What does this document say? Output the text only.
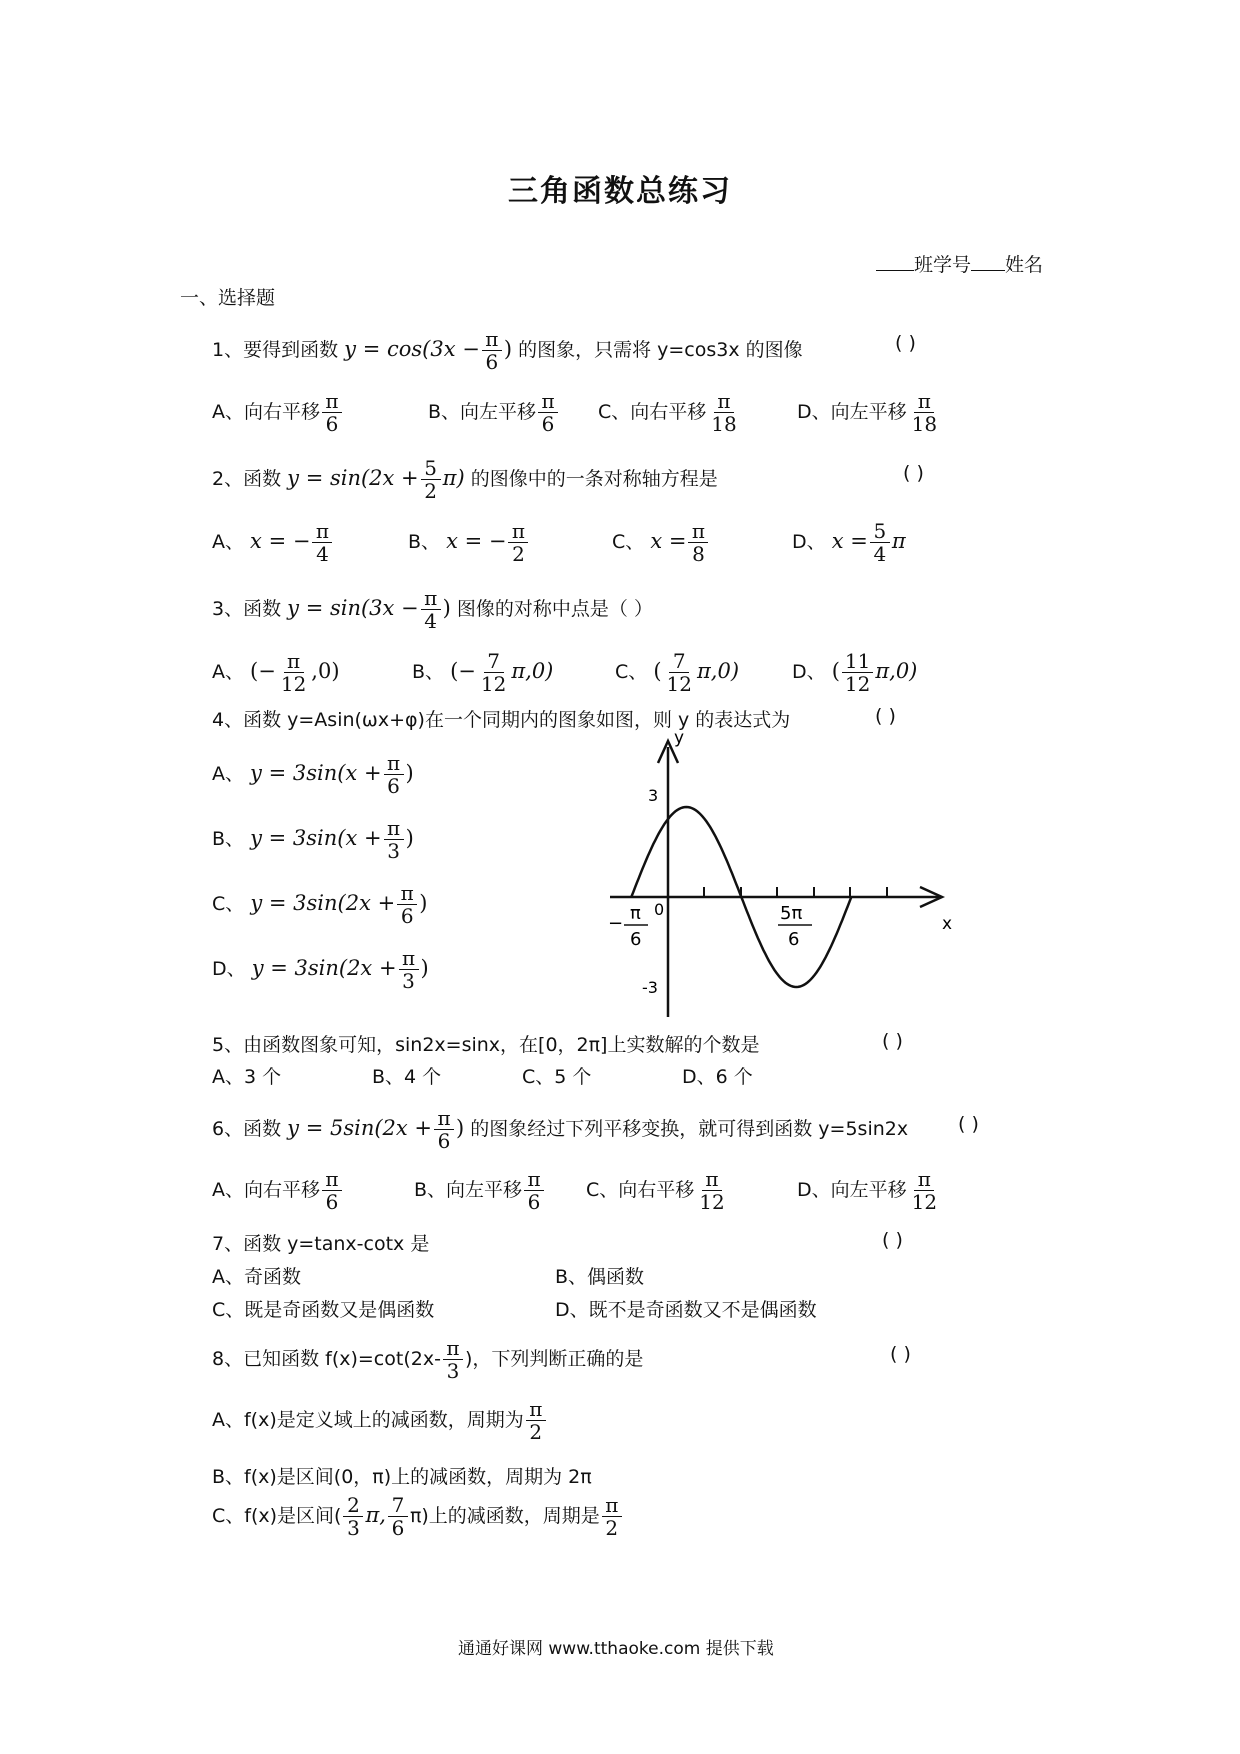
三角函数总练习
班学号 姓名
一、选择题
1、要得到函数 $y = \cos(3x - \frac{\pi}{6}$ ) 的图象，只需将 y=cos3x 的图像	( )
A、向右平移 $\frac{\pi}{6}$	B、向左平移 $\frac{\pi}{6}$ C、向右平移 $\frac{\pi}{18}$	D、向左平移 $\frac{\pi}{18}$
2、函数 $y = \sin(2x + \frac{5}{2} \pi)$ 的图像中的一条对称轴方程是	( )
A、 x = − $\frac{\pi}{4}$	B、 x = − $\frac{\pi}{2}$	C、 $x = \frac{\pi}{8}$	D、 $x = \frac{5}{4}$ π
3、函数 $y = \sin(3x - \frac{\pi}{4}$ ) 图像的对称中点是（ ）
A、 (− $\frac{\pi}{12} ,0$)	B、 (− $\frac{7}{12} \pi,0$)	C、 ( $\frac{7}{12} \pi,0$)	D、 ( $\frac{11}{12} \pi,0$)
4、函数 y=Asin(ωx+φ)在一个同期内的图象如图，则 y 的表达式为	( )
A、 $y = 3\sin(x + \frac{\pi}{6}$ )
B、 $y = 3\sin(x + \frac{\pi}{3}$ )
C、 $y = 3\sin(2x + \frac{\pi}{6}$ )
D、 $y = 3\sin(2x + \frac{\pi}{3}$ )
y
3
-3
0
x
− π
6
5π
6
5、由函数图象可知，sin2x=sinx，在[0，2π]上实数解的个数是	( )
A、3 个	B、4 个	C、5 个	D、6 个
6、函数 $y = 5\sin(2x + \frac{\pi}{6}$ ) 的图象经过下列平移变换，就可得到函数 y=5sin2x	( )
A、向右平移 $\frac{\pi}{6}$	B、向左平移 $\frac{\pi}{6}$ C、向右平移 $\frac{\pi}{12}$	D、向左平移 $\frac{\pi}{12}$
7、函数 y=tanx-cotx 是	( )
A、奇函数	B、偶函数
C、既是奇函数又是偶函数	D、既不是奇函数又不是偶函数
8、已知函数 $f(x)=\cot(2x- \frac{\pi}{3}$ )，下列判断正确的是	( )
A、f(x)是定义域上的减函数，周期为 $\frac{\pi}{2}$
B、f(x)是区间(0，π)上的减函数，周期为 2π
C、f(x)是区间( $\frac{2}{3} \pi$, $\frac{7}{6} \pi$)上的减函数，周期是 $\frac{\pi}{2}$
通通好课网 www.tthaoke.com 提供下载
